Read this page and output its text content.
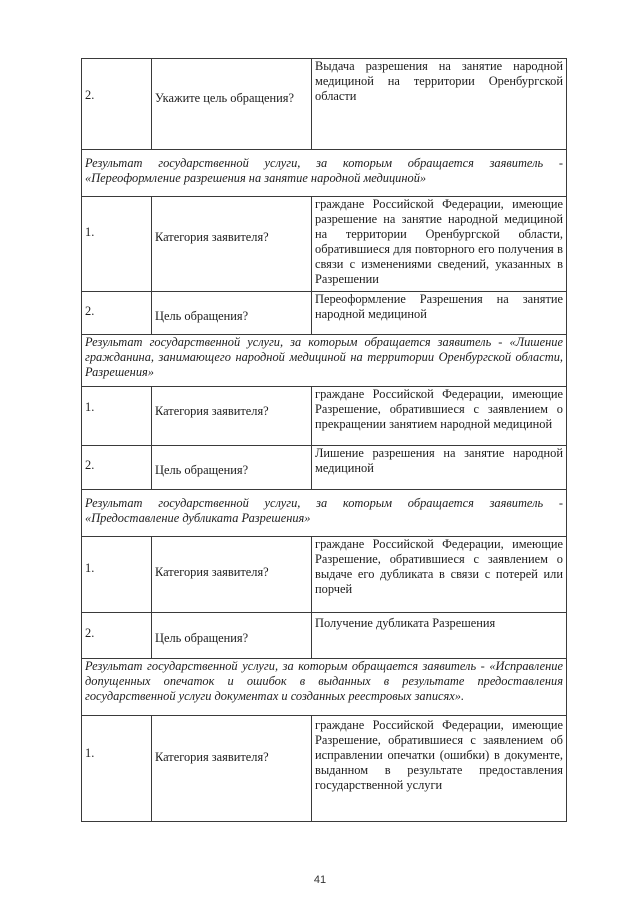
2.	Укажите цель обращения?	Выдача разрешения на занятие народной медициной на территории Оренбургской области

Результат государственной услуги, за которым обращается заявитель - «Переоформление разрешения на занятие народной медициной»		

1.	Категория заявителя?	граждане Российской Федерации, имеющие разрешение на занятие народной медициной на территории Оренбургской области, обратившиеся для повторного его получения в связи с изменениями сведений, указанных в Разрешении

2.	Цель обращения?	Переоформление Разрешения на занятие народной медициной
Результат государственной услуги, за которым обращается заявитель - «Лишение гражданина, занимающего народной медициной на территории Оренбургской области, Разрешения»		

1.	Категория заявителя?	граждане Российской Федерации, имеющие Разрешение, обратившиеся с заявлением о прекращении занятием народной медициной

2.	Цель обращения?	Лишение разрешения на занятие народной медициной

Результат государственной услуги, за которым обращается заявитель - «Предоставление дубликата Разрешения»		

1.	Категория заявителя?	граждане Российской Федерации, имеющие Разрешение, обратившиеся с заявлением о выдаче его дубликата в связи с потерей или порчей

2.	Цель обращения?	Получение дубликата Разрешения

Результат государственной услуги, за которым обращается заявитель - «Исправление допущенных опечаток и ошибок в выданных в результате предоставления государственной услуги документах и созданных реестровых записях».		

1.	Категория заявителя?	граждане Российской Федерации, имеющие Разрешение, обратившиеся с заявлением об исправлении опечатки (ошибки) в документе, выданном в результате предоставления государственной услуги
41
